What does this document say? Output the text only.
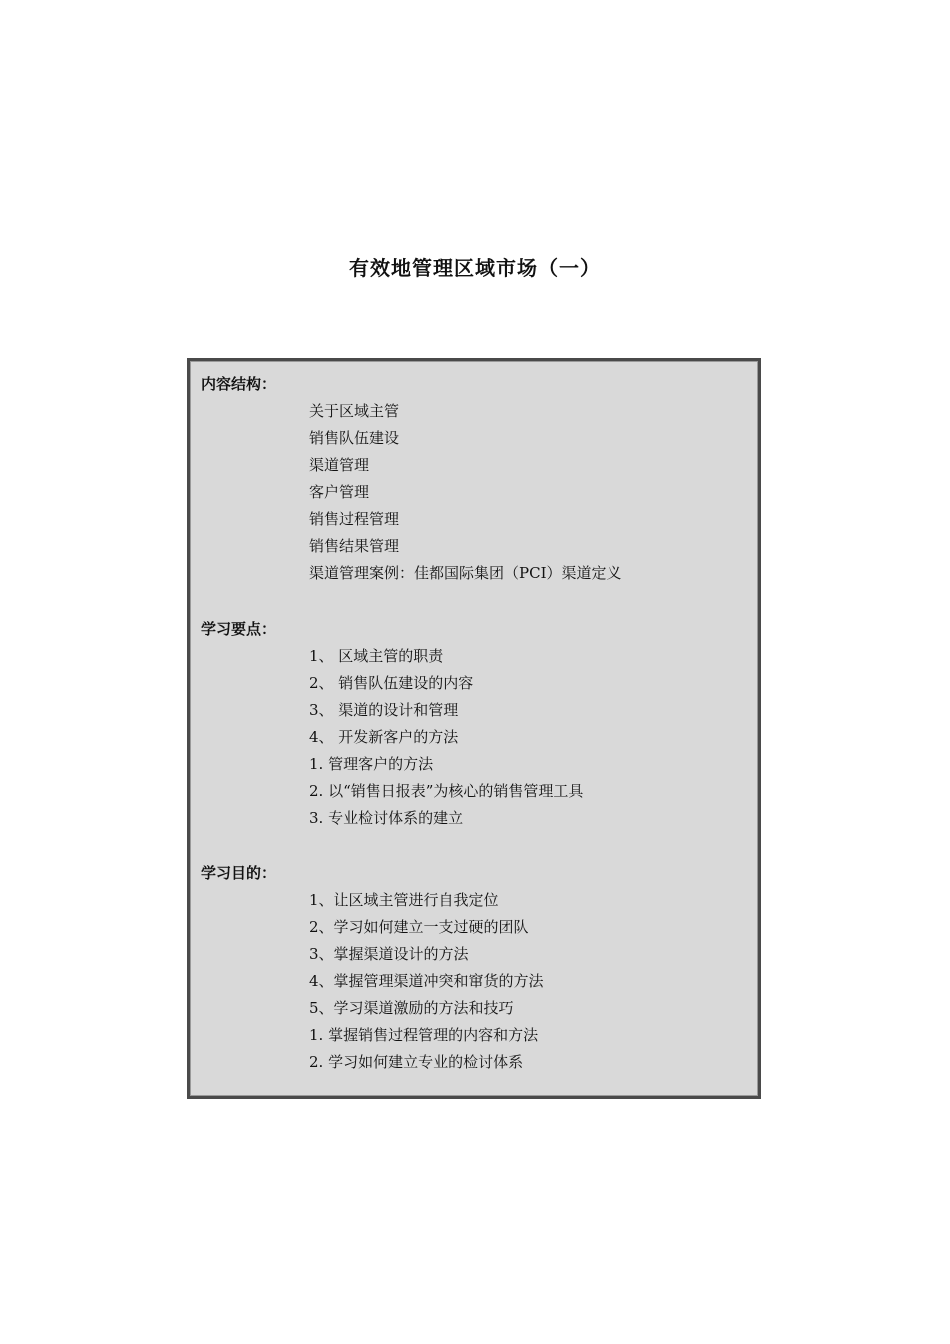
有效地管理区域市场（一）
内容结构：
关于区域主管
销售队伍建设
渠道管理
客户管理
销售过程管理
销售结果管理
渠道管理案例：佳都国际集团（PCI）渠道定义
学习要点：
1、 区域主管的职责
2、 销售队伍建设的内容
3、 渠道的设计和管理
4、 开发新客户的方法
1. 管理客户的方法
2. 以“销售日报表”为核心的销售管理工具
3. 专业检讨体系的建立
学习目的：
1、让区域主管进行自我定位
2、学习如何建立一支过硬的团队
3、掌握渠道设计的方法
4、掌握管理渠道冲突和窜货的方法
5、学习渠道激励的方法和技巧
1. 掌握销售过程管理的内容和方法
2. 学习如何建立专业的检讨体系
